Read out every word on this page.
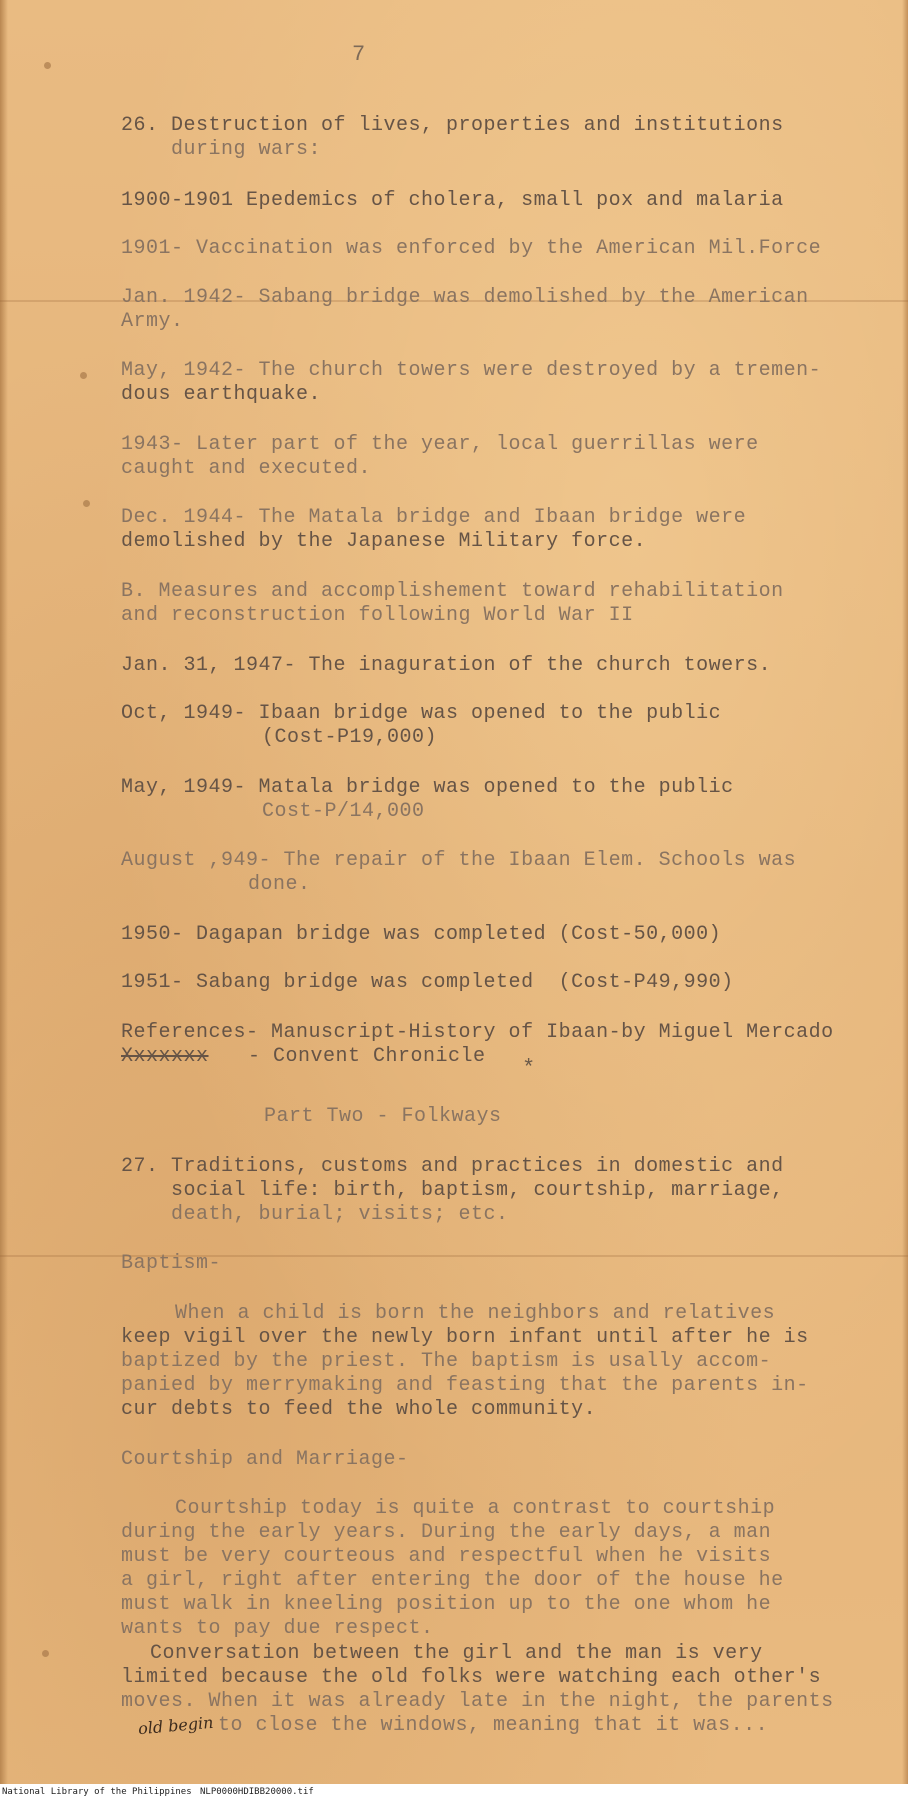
7
26. Destruction of lives, properties and institutions
during wars:
1900-1901 Epedemics of cholera, small pox and malaria
1901- Vaccination was enforced by the American Mil.Force
Jan. 1942- Sabang bridge was demolished by the American
Army.
May, 1942- The church towers were destroyed by a tremen-
dous earthquake.
1943- Later part of the year, local guerrillas were
caught and executed.
Dec. 1944- The Matala bridge and Ibaan bridge were
demolished by the Japanese Military force.
B. Measures and accomplishement toward rehabilitation
and reconstruction following World War II
Jan. 31, 1947- The inaguration of the church towers.
Oct, 1949- Ibaan bridge was opened to the public
(Cost-P19,000)
May, 1949- Matala bridge was opened to the public
Cost-P/14,000
August ,949- The repair of the Ibaan Elem. Schools was
done.
1950- Dagapan bridge was completed (Cost-50,000)
1951- Sabang bridge was completed  (Cost-P49,990)
References- Manuscript-History of Ibaan-by Miguel Mercado
Xxxxxxx - Convent Chronicle *
Part Two - Folkways
27. Traditions, customs and practices in domestic and
social life: birth, baptism, courtship, marriage,
death, burial; visits; etc.
Baptism-
When a child is born the neighbors and relatives
keep vigil over the newly born infant until after he is
baptized by the priest. The baptism is usally accom-
panied by merrymaking and feasting that the parents in-
cur debts to feed the whole community.
Courtship and Marriage-
Courtship today is quite a contrast to courtship
during the early years. During the early days, a man
must be very courteous and respectful when he visits
a girl, right after entering the door of the house he
must walk in kneeling position up to the one whom he
wants to pay due respect.
Conversation between the girl and the man is very
limited because the old folks were watching each other's
moves. When it was already late in the night, the parents
to close the windows, meaning that it was...
old begin
National Library of the Philippines NLP0000HDIBB20000.tif
